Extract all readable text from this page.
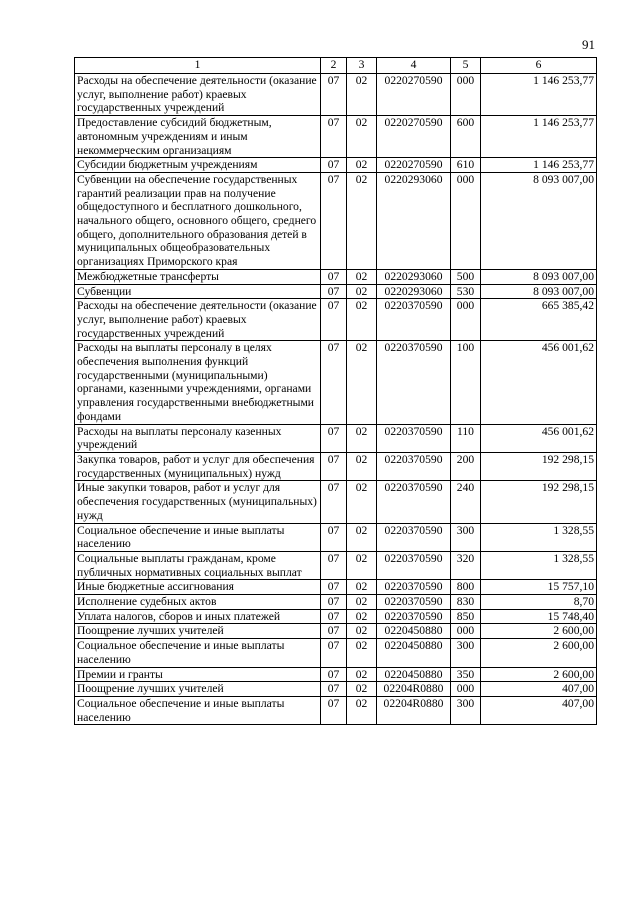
91
1	2	3	4	5	6
Расходы на обеспечение деятельности (оказание услуг, выполнение работ) краевых государственных учреждений	07	02	0220270590	000	1 146 253,77
Предоставление субсидий бюджетным, автономным учреждениям и иным некоммерческим организациям	07	02	0220270590	600	1 146 253,77
Субсидии бюджетным учреждениям	07	02	0220270590	610	1 146 253,77
Субвенции на обеспечение государственных гарантий реализации прав на получение общедоступного и бесплатного дошкольного, начального общего, основного общего, среднего общего, дополнительного образования детей в муниципальных общеобразовательных организациях Приморского края	07	02	0220293060	000	8 093 007,00
Межбюджетные трансферты	07	02	0220293060	500	8 093 007,00
Субвенции	07	02	0220293060	530	8 093 007,00
Расходы на обеспечение деятельности (оказание услуг, выполнение работ) краевых государственных учреждений	07	02	0220370590	000	665 385,42
Расходы на выплаты персоналу в целях обеспечения выполнения функций государственными (муниципальными) органами, казенными учреждениями, органами управления государственными внебюджетными фондами	07	02	0220370590	100	456 001,62
Расходы на выплаты персоналу казенных учреждений	07	02	0220370590	110	456 001,62
Закупка товаров, работ и услуг для обеспечения государственных (муниципальных) нужд	07	02	0220370590	200	192 298,15
Иные закупки товаров, работ и услуг для обеспечения государственных (муниципальных) нужд	07	02	0220370590	240	192 298,15
Социальное обеспечение и иные выплаты населению	07	02	0220370590	300	1 328,55
Социальные выплаты гражданам, кроме публичных нормативных социальных выплат	07	02	0220370590	320	1 328,55
Иные бюджетные ассигнования	07	02	0220370590	800	15 757,10
Исполнение судебных актов	07	02	0220370590	830	8,70
Уплата налогов, сборов и иных платежей	07	02	0220370590	850	15 748,40
Поощрение лучших учителей	07	02	0220450880	000	2 600,00
Социальное обеспечение и иные выплаты населению	07	02	0220450880	300	2 600,00
Премии и гранты	07	02	0220450880	350	2 600,00
Поощрение лучших учителей	07	02	02204R0880	000	407,00
Социальное обеспечение и иные выплаты населению	07	02	02204R0880	300	407,00
